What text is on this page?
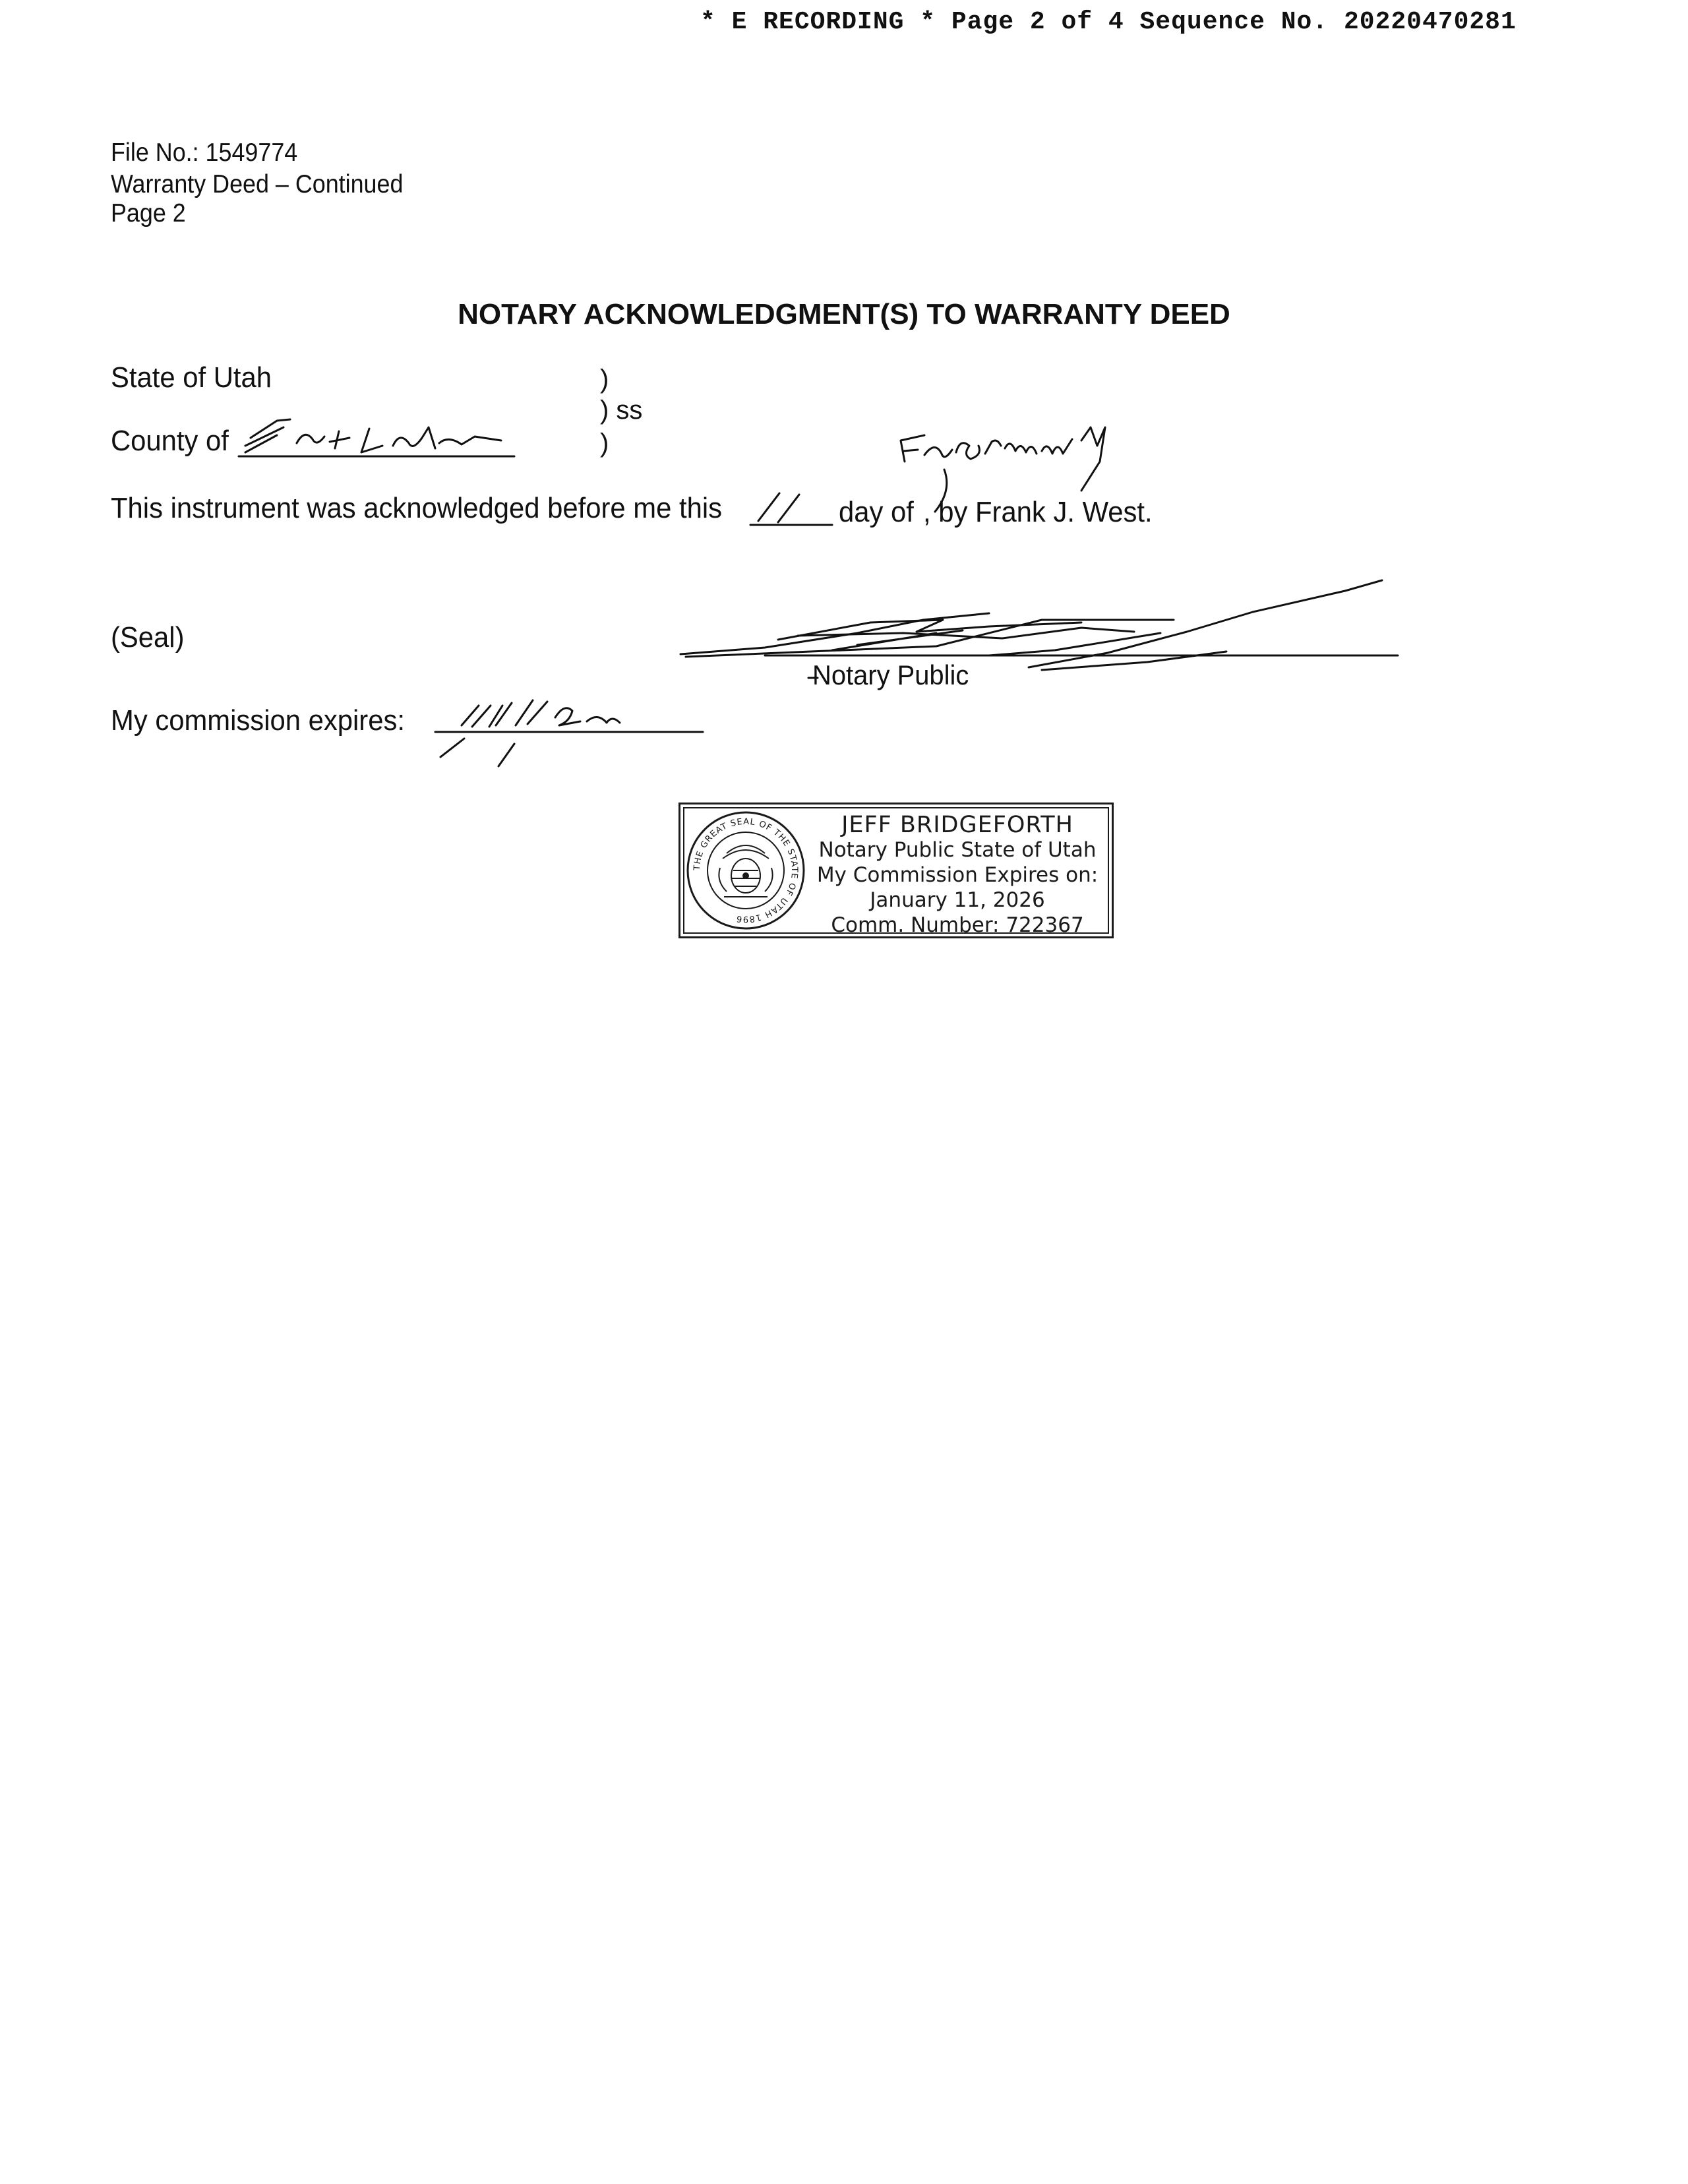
* E RECORDING * Page 2 of 4 Sequence No. 20220470281
File No.: 1549774
Warranty Deed – Continued
Page 2
NOTARY ACKNOWLEDGMENT(S) TO WARRANTY DEED
State of Utah
County of
)
) ss
)
This instrument was acknowledged before me this	day of , by Frank J. West.
(Seal)
Notary Public
My commission expires:
THE GREAT SEAL OF THE STATE OF UTAH 1896
JEFF BRIDGEFORTH
Notary Public State of Utah
My Commission Expires on:
January 11, 2026
Comm. Number: 722367
